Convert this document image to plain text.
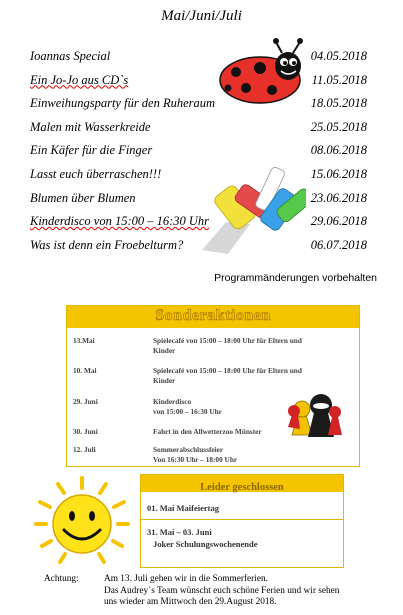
Mai/Juni/Juli
Ioannas Special	04.05.2018
Ein Jo-Jo aus CD`s	11.05.2018
Einweihungsparty für den Ruheraum	18.05.2018
Malen mit Wasserkreide	25.05.2018
Ein Käfer für die Finger	08.06.2018
Lasst euch überraschen!!!	15.06.2018
Blumen über Blumen	23.06.2018
Kinderdisco von 15:00 – 16:30 Uhr	29.06.2018
Was ist denn ein Froebelturm?	06.07.2018
Programmänderungen vorbehalten
Sonderaktionen
13.Mai	Spielecafé von 15:00 – 18:00 Uhr für Eltern und
Kinder
10. Mai	Spielecafé von 15:00 – 18:00 Uhr für Eltern und
Kinder
29. Juni	Kinderdisco
von 15:00 – 16:30 Uhr
30. Juni	Fahrt in den Allwetterzoo Münster
12. Juli	Sommerabschlussfeier
Von 16:30 Uhr – 18:00 Uhr
Leider geschlossen
01. Mai Maifeiertag
31. Mai – 03. Juni
Joker Schulungswochenende
Achtung:	Am 13. Juli gehen wir in die Sommerferien.
Das Audrey`s Team wünscht euch schöne Ferien und wir sehen
uns wieder am Mittwoch den 29.August 2018.
